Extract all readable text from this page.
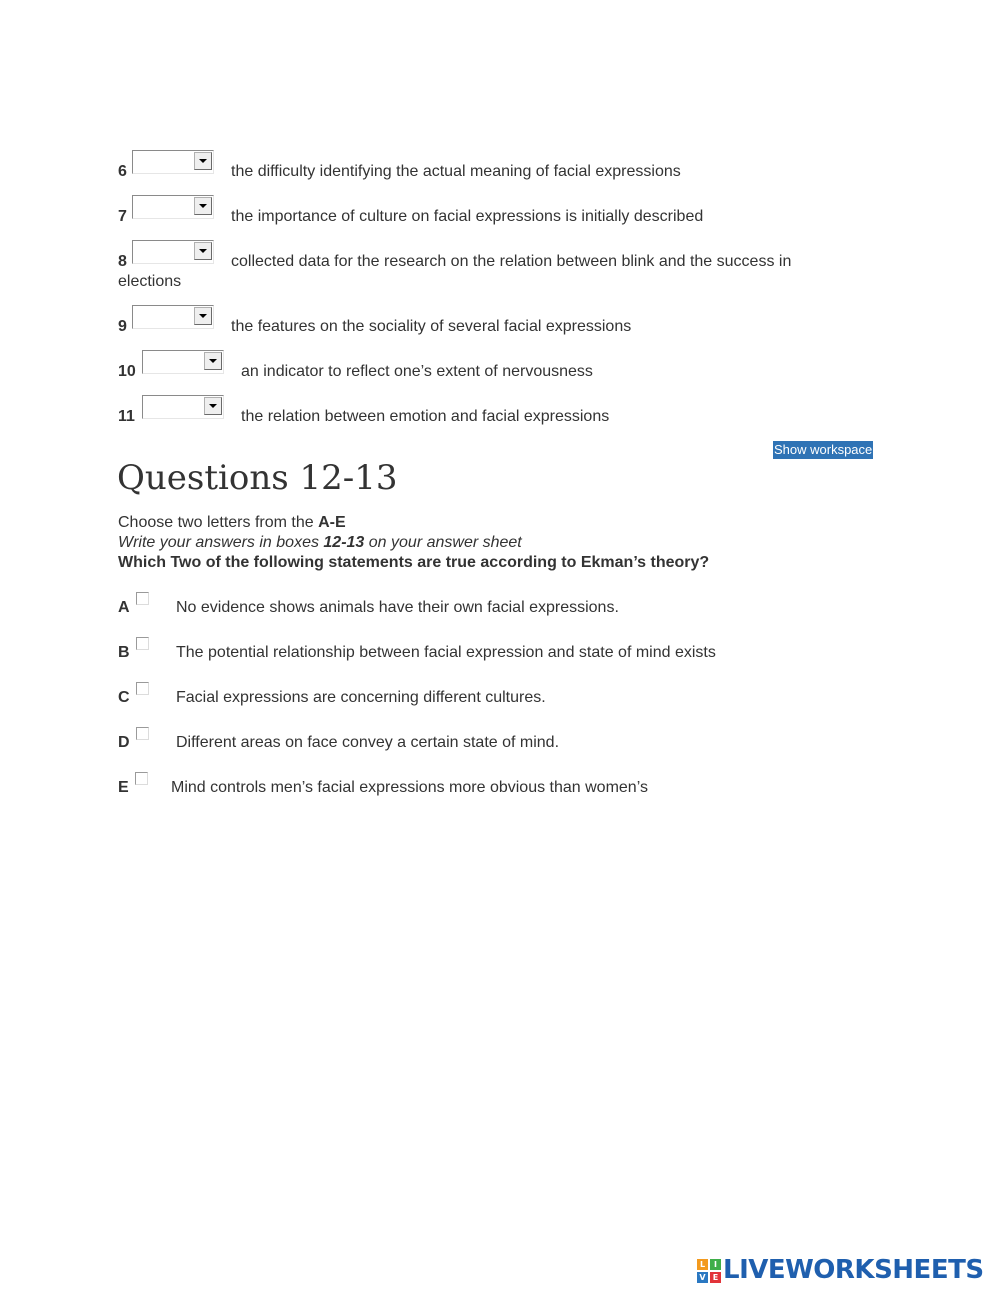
6	the difficulty identifying the actual meaning of facial expressions
7	the importance of culture on facial expressions is initially described
8	collected data for the research on the relation between blink and the success in
elections
9	the features on the sociality of several facial expressions
10	an indicator to reflect one’s extent of nervousness
11	the relation between emotion and facial expressions
Show workspace
Questions 12-13
Choose two letters from the A-E
Write your answers in boxes 12-13 on your answer sheet
Which Two of the following statements are true according to Ekman’s theory?
A	No evidence shows animals have their own facial expressions.
B	The potential relationship between facial expression and state of mind exists
C	Facial expressions are concerning different cultures.
D	Different areas on face convey a certain state of mind.
E	Mind controls men’s facial expressions more obvious than women’s
L	I
V E LIVEWORKSHEETS
